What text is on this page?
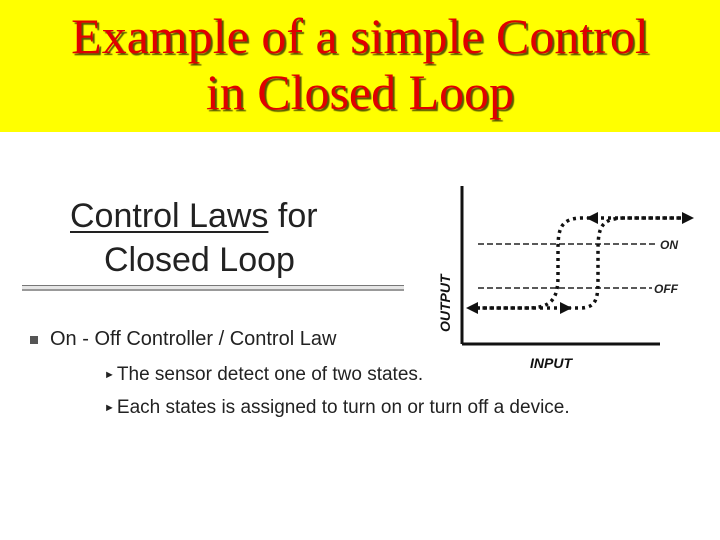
Example of a simple Control
in Closed Loop
Control Laws for
Closed Loop
On - Off Controller / Control Law
► The sensor detect one of two states.
► Each states is assigned to turn on or turn off a device.
ON
OFF
INPUT
OUTPUT
